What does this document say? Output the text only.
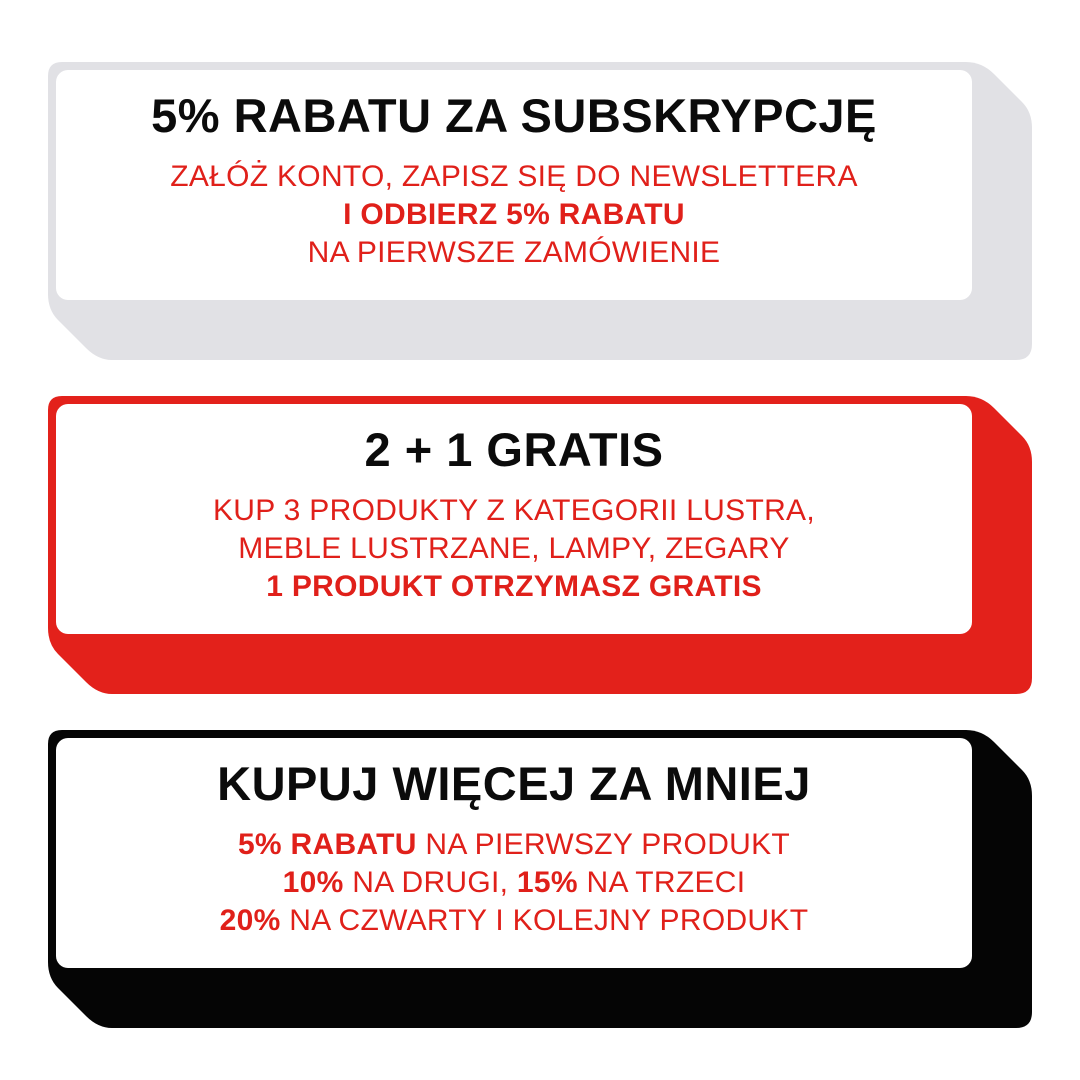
5% RABATU ZA SUBSKRYPCJĘ
ZAŁÓŻ KONTO, ZAPISZ SIĘ DO NEWSLETTERA
I ODBIERZ 5% RABATU
NA PIERWSZE ZAMÓWIENIE
2 + 1 GRATIS
KUP 3 PRODUKTY Z KATEGORII LUSTRA,
MEBLE LUSTRZANE, LAMPY, ZEGARY
1 PRODUKT OTRZYMASZ GRATIS
KUPUJ WIĘCEJ ZA MNIEJ
5% RABATU NA PIERWSZY PRODUKT
10% NA DRUGI, 15% NA TRZECI
20% NA CZWARTY I KOLEJNY PRODUKT
